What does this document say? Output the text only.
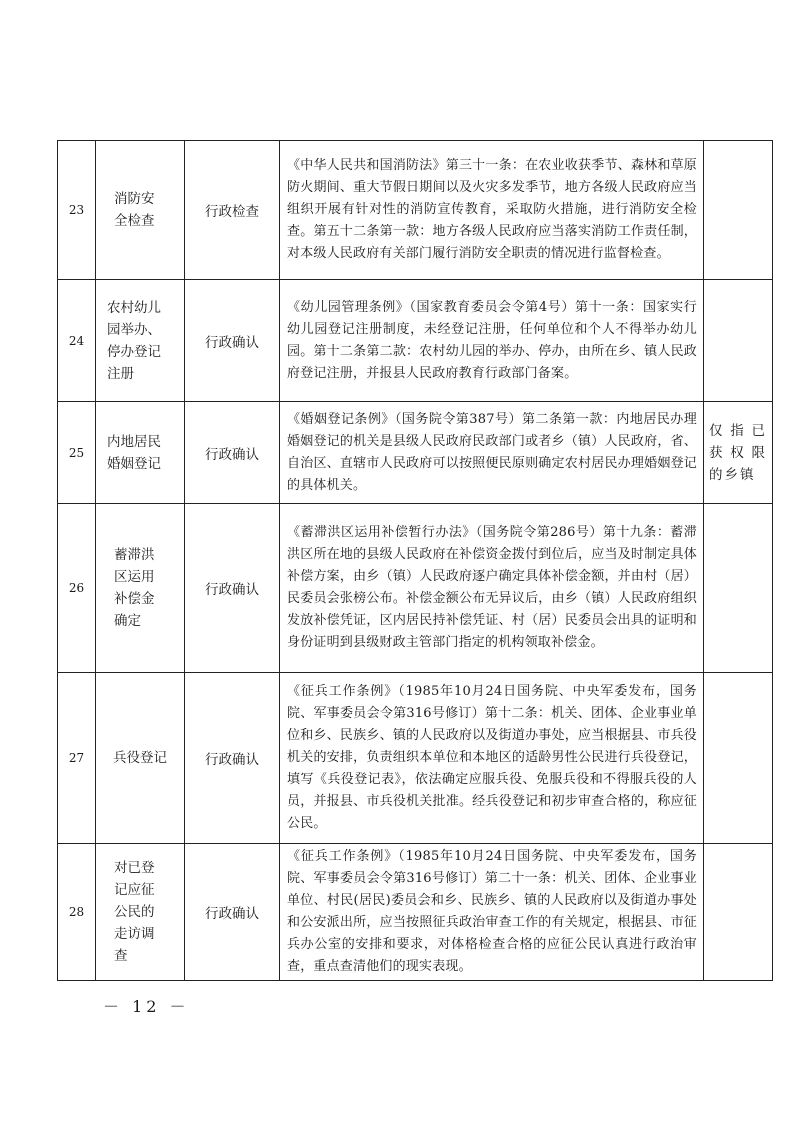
23	消防安全检查	行政检查	《中华人民共和国消防法》第三十一条：在农业收获季节、森林和草原防火期间、重大节假日期间以及火灾多发季节，地方各级人民政府应当组织开展有针对性的消防宣传教育，采取防火措施，进行消防安全检查。第五十二条第一款：地方各级人民政府应当落实消防工作责任制，对本级人民政府有关部门履行消防安全职责的情况进行监督检查。	
24	农村幼儿园举办、停办登记注册	行政确认	《幼儿园管理条例》（国家教育委员会令第4号）第十一条：国家实行幼儿园登记注册制度，未经登记注册，任何单位和个人不得举办幼儿园。第十二条第二款：农村幼儿园的举办、停办，由所在乡、镇人民政府登记注册，并报县人民政府教育行政部门备案。	
25	内地居民婚姻登记	行政确认	《婚姻登记条例》（国务院令第387号）第二条第一款：内地居民办理婚姻登记的机关是县级人民政府民政部门或者乡（镇）人民政府，省、自治区、直辖市人民政府可以按照便民原则确定农村居民办理婚姻登记的具体机关。	仅指已获权限的乡镇
26	蓄滞洪区运用补偿金确定	行政确认	《蓄滞洪区运用补偿暂行办法》（国务院令第286号）第十九条：蓄滞洪区所在地的县级人民政府在补偿资金拨付到位后，应当及时制定具体补偿方案，由乡（镇）人民政府逐户确定具体补偿金额，并由村（居）民委员会张榜公布。补偿金额公布无异议后，由乡（镇）人民政府组织发放补偿凭证，区内居民持补偿凭证、村（居）民委员会出具的证明和身份证明到县级财政主管部门指定的机构领取补偿金。	
27	兵役登记	行政确认	《征兵工作条例》（1985年10月24日国务院、中央军委发布，国务院、军事委员会令第316号修订）第十二条：机关、团体、企业事业单位和乡、民族乡、镇的人民政府以及街道办事处，应当根据县、市兵役机关的安排，负责组织本单位和本地区的适龄男性公民进行兵役登记，填写《兵役登记表》，依法确定应服兵役、免服兵役和不得服兵役的人员，并报县、市兵役机关批准。经兵役登记和初步审查合格的，称应征公民。	
28	对已登记应征公民的走访调查	行政确认	《征兵工作条例》（1985年10月24日国务院、中央军委发布，国务院、军事委员会令第316号修订）第二十一条：机关、团体、企业事业单位、村民(居民)委员会和乡、民族乡、镇的人民政府以及街道办事处和公安派出所，应当按照征兵政治审查工作的有关规定，根据县、市征兵办公室的安排和要求，对体格检查合格的应征公民认真进行政治审查，重点查清他们的现实表现。	
－ 12 －
